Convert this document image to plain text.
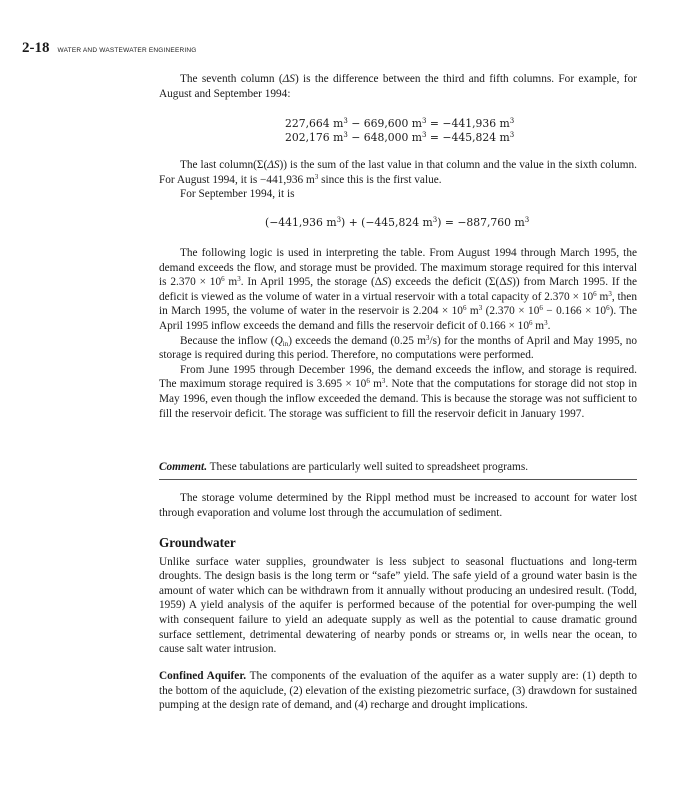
2-18 WATER AND WASTEWATER ENGINEERING

The seventh column (ΔS) is the difference between the third and fifth columns. For example, for August and September 1994:

227,664 $m^3 - 669,600$ $m^3 = -441,936$ $m^3$
202,176 $m^3 - 648,000$ $m^3 = -445,824$ $m^3$

The last column(Σ(ΔS)) is the sum of the last value in that column and the value in the sixth column. For August 1994, it is −441,936 $m^3$ since this is the first value.

For September 1994, it is

(−441,936 $m^3) + (-445,824$ $m^3) = -887,760$ $m^3$

The following logic is used in interpreting the table. From August 1994 through March 1995, the demand exceeds the flow, and storage must be provided. The maximum storage required for this interval is $2.370 \times 10^6$ $m^3$. In April 1995, the storage (ΔS) exceeds the deficit (Σ(ΔS)) from March 1995. If the deficit is viewed as the volume of water in a virtual reservoir with a total capacity of $2.370 \times 10^6$ $m^3$, then in March 1995, the volume of water in the reservoir is $2.204 \times 10^6$ $m^3$ $(2.370 \times 10^6 - 0.166 \times 10^6)$. The April 1995 inflow exceeds the demand and fills the reservoir deficit of $0.166 \times 10^6$ $m^3$.

Because the inflow $(Q_{in})$ exceeds the demand (0.25 $m^3/s$) for the months of April and May 1995, no storage is required during this period. Therefore, no computations were performed.

From June 1995 through December 1996, the demand exceeds the inflow, and storage is required. The maximum storage required is $3.695 \times 10^6$ $m^3$. Note that the computations for storage did not stop in May 1996, even though the inflow exceeded the demand. This is because the storage was not sufficient to fill the reservoir deficit. The storage was sufficient to fill the reservoir deficit in January 1997.

Comment. These tabulations are particularly well suited to spreadsheet programs.

The storage volume determined by the Rippl method must be increased to account for water lost through evaporation and volume lost through the accumulation of sediment.

Groundwater

Unlike surface water supplies, groundwater is less subject to seasonal fluctuations and long-term droughts. The design basis is the long term or “safe” yield. The safe yield of a ground water basin is the amount of water which can be withdrawn from it annually without producing an undesired result. (Todd, 1959) A yield analysis of the aquifer is performed because of the potential for over-pumping the well with consequent failure to yield an adequate supply as well as the potential to cause dramatic ground surface settlement, detrimental dewatering of nearby ponds or streams or, in wells near the ocean, to cause salt water intrusion.

Confined Aquifer. The components of the evaluation of the aquifer as a water supply are: (1) depth to the bottom of the aquiclude, (2) elevation of the existing piezometric surface, (3) drawdown for sustained pumping at the design rate of demand, and (4) recharge and drought implications.
